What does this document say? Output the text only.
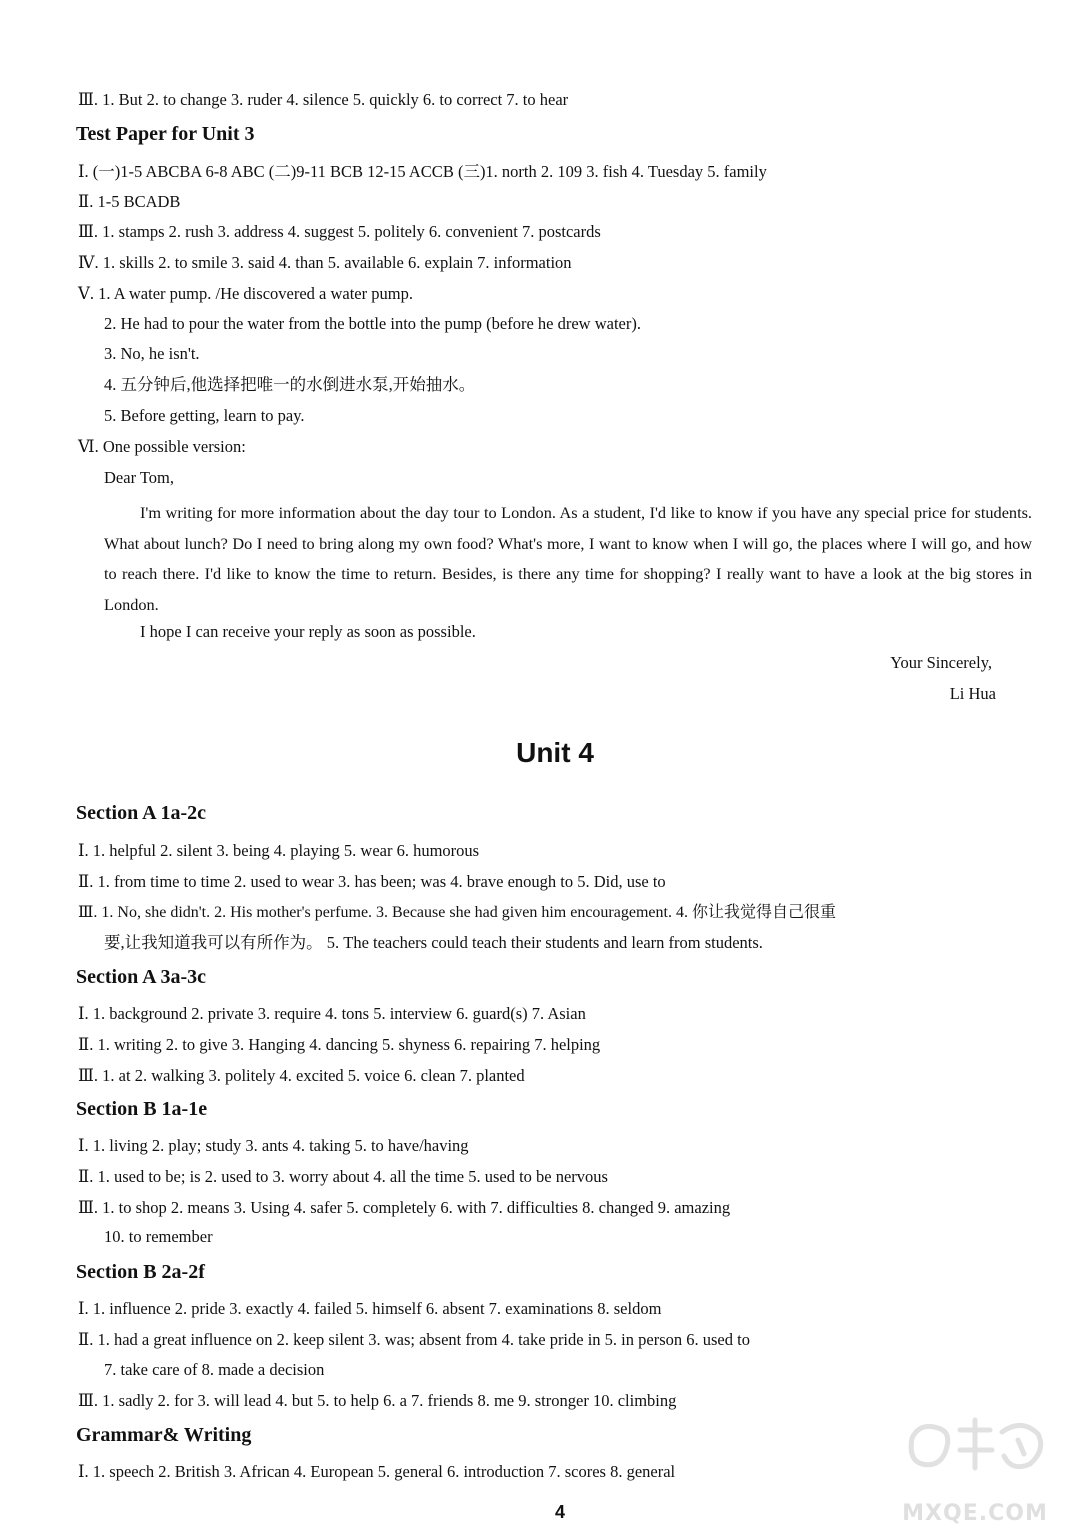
Ⅲ. 1. But 2. to change 3. ruder 4. silence 5. quickly 6. to correct 7. to hear
Test Paper for Unit 3
Ⅰ. (一)1-5 ABCBA 6-8 ABC (二)9-11 BCB 12-15 ACCB (三)1. north 2. 109 3. fish 4. Tuesday 5. family
Ⅱ. 1-5 BCADB
Ⅲ. 1. stamps 2. rush 3. address 4. suggest 5. politely 6. convenient 7. postcards
Ⅳ. 1. skills 2. to smile 3. said 4. than 5. available 6. explain 7. information
Ⅴ. 1. A water pump. /He discovered a water pump.
2. He had to pour the water from the bottle into the pump (before he drew water).
3. No, he isn't.
4. 五分钟后,他选择把唯一的水倒进水泵,开始抽水。
5. Before getting, learn to pay.
Ⅵ. One possible version:
Dear Tom,
I'm writing for more information about the day tour to London. As a student, I'd like to know if you have any special price for students. What about lunch? Do I need to bring along my own food? What's more, I want to know when I will go, the places where I will go, and how to reach there. I'd like to know the time to return. Besides, is there any time for shopping? I really want to have a look at the big stores in London.
I hope I can receive your reply as soon as possible.
Your Sincerely,
Li Hua
Unit 4
Section A 1a-2c
Ⅰ. 1. helpful 2. silent 3. being 4. playing 5. wear 6. humorous
Ⅱ. 1. from time to time 2. used to wear 3. has been; was 4. brave enough to 5. Did, use to
Ⅲ. 1. No, she didn't. 2. His mother's perfume. 3. Because she had given him encouragement. 4. 你让我觉得自己很重
要,让我知道我可以有所作为。 5. The teachers could teach their students and learn from students.
Section A 3a-3c
Ⅰ. 1. background 2. private 3. require 4. tons 5. interview 6. guard(s) 7. Asian
Ⅱ. 1. writing 2. to give 3. Hanging 4. dancing 5. shyness 6. repairing 7. helping
Ⅲ. 1. at 2. walking 3. politely 4. excited 5. voice 6. clean 7. planted
Section B 1a-1e
Ⅰ. 1. living 2. play; study 3. ants 4. taking 5. to have/having
Ⅱ. 1. used to be; is 2. used to 3. worry about 4. all the time 5. used to be nervous
Ⅲ. 1. to shop 2. means 3. Using 4. safer 5. completely 6. with 7. difficulties 8. changed 9. amazing
10. to remember
Section B 2a-2f
Ⅰ. 1. influence 2. pride 3. exactly 4. failed 5. himself 6. absent 7. examinations 8. seldom
Ⅱ. 1. had a great influence on 2. keep silent 3. was; absent from 4. take pride in 5. in person 6. used to
7. take care of 8. made a decision
Ⅲ. 1. sadly 2. for 3. will lead 4. but 5. to help 6. a 7. friends 8. me 9. stronger 10. climbing
Grammar& Writing
Ⅰ. 1. speech 2. British 3. African 4. European 5. general 6. introduction 7. scores 8. general
4	MXQE.COM
